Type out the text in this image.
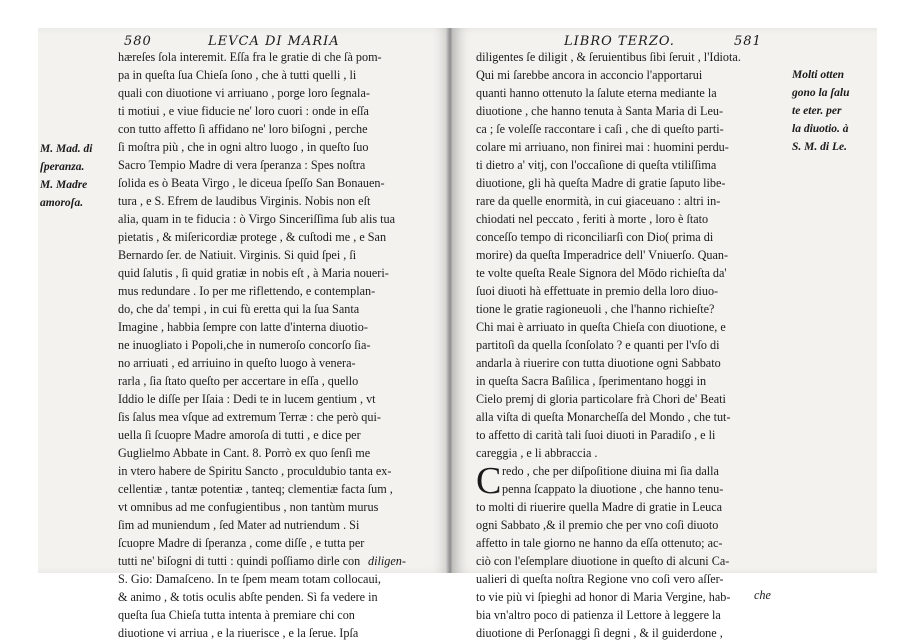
580	LEVCA DI MARIA
M. Mad. di
ſperanza.
M. Madre
amoroſa.
hæreſes ſola interemit. Eſſa fra le gratie di che ſà pom-
pa in queſta ſua Chieſa ſono , che à tutti quelli , li
quali con diuotione vi arriuano , porge loro ſegnala-
ti motiui , e viue fiducie ne' loro cuori : onde in eſſa
con tutto affetto ſi affidano ne' loro biſogni , perche
ſi moſtra più , che in ogni altro luogo , in queſto ſuo
Sacro Tempio Madre di vera ſperanza : Spes noſtra
ſolida es ò Beata Virgo , le diceua ſpeſſo San Bonauen-
tura , e S. Efrem de laudibus Virginis. Nobis non eſt
alia, quam in te fiducia : ò Virgo Sinceriſſima ſub alis tua
pietatis , & miſericordiæ protege , & cuſtodi me , e San
Bernardo ſer. de Natiuit. Virginis. Si quid ſpei , ſi
quid ſalutis , ſi quid gratiæ in nobis eſt , à Maria noueri-
mus redundare . Io per me riflettendo, e contemplan-
do, che da' tempi , in cui fù eretta qui la ſua Santa
Imagine , habbia ſempre con latte d'interna diuotio-
ne inuogliato i Popoli,che in numeroſo concorſo ſia-
no arriuati , ed arriuino in queſto luogo à venera-
rarla , ſia ſtato queſto per accertare in eſſa , quello
Iddio le diſſe per Iſaia : Dedi te in lucem gentium , vt
ſis ſalus mea vſque ad extremum Terræ : che però qui-
uella ſi ſcuopre Madre amoroſa di tutti , e dice per
Guglielmo Abbate in Cant. 8. Porrò ex quo ſenſi me
in vtero habere de Spiritu Sancto , proculdubio tanta ex-
cellentiæ , tantæ potentiæ , tanteq; clementiæ facta ſum ,
vt omnibus ad me confugientibus , non tantùm murus
ſim ad muniendum , ſed Mater ad nutriendum . Si
ſcuopre Madre di ſperanza , come diſſe , e tutta per
tutti ne' biſogni di tutti : quindi poſſiamo dirle con
S. Gio: Damaſceno. In te ſpem meam totam collocaui,
& animo , & totis oculis abſte penden. Sì fa vedere in
queſta ſua Chieſa tutta intenta à premiare chi con
diuotione vi arriua , e la riuerisce , e la ſerue. Ipſa
diligen-
LIBRO TERZO.	581
diligentes ſe diligit , & ſeruientibus ſibi ſeruit , l'Idiota.
Qui mi ſarebbe ancora in acconcio l'apportarui
quanti hanno ottenuto la ſalute eterna mediante la
diuotione , che hanno tenuta à Santa Maria di Leu-
ca ; ſe voleſſe raccontare i caſi , che di queſto parti-
colare mi arriuano, non finirei mai : huomini perdu-
ti dietro a' vitj, con l'occaſione di queſta vtiliſſima
diuotione, gli hà queſta Madre di gratie ſaputo libe-
rare da quelle enormità, in cui giaceuano : altri in-
chiodati nel peccato , feriti à morte , loro è ſtato
conceſſo tempo di riconciliarſi con Dio( prima di
morire) da queſta Imperadrice dell' Vniuerſo. Quan-
te volte queſta Reale Signora del Mōdo richieſta da'
ſuoi diuoti hà effettuate in premio della loro diuo-
tione le gratie ragioneuoli , che l'hanno richieſte?
Chi mai è arriuato in queſta Chieſa con diuotione, e
partitoſi da quella ſconſolato ? e quanti per l'vſo di
andarla à riuerire con tutta diuotione ogni Sabbato
in queſta Sacra Baſilica , ſperimentano hoggi in
Cielo premj di gloria particolare frà Chori de' Beati
alla viſta di queſta Monarcheſſa del Mondo , che tut-
to affetto di carità tali ſuoi diuoti in Paradiſo , e li
careggia , e li abbraccia .
C redo , che per diſpoſitione diuina mi ſia dalla
penna ſcappato la diuotione , che hanno tenu-
to molti di riuerire quella Madre di gratie in Leuca
ogni Sabbato ,& il premio che per vno coſi diuoto
affetto in tale giorno ne hanno da eſſa ottenuto; ac-
ciò con l'eſemplare diuotione in queſto di alcuni Ca-
ualieri di queſta noſtra Regione vno coſi vero aſſer-
to vie più vi ſpieghi ad honor di Maria Vergine, hab-
bia vn'altro poco di patienza il Lettore à leggere la
diuotione di Perſonaggi ſì degni , & il guiderdone ,
che
Molti otten
gono la ſalu
te eter. per
la diuotio. à
S. M. di Le.
